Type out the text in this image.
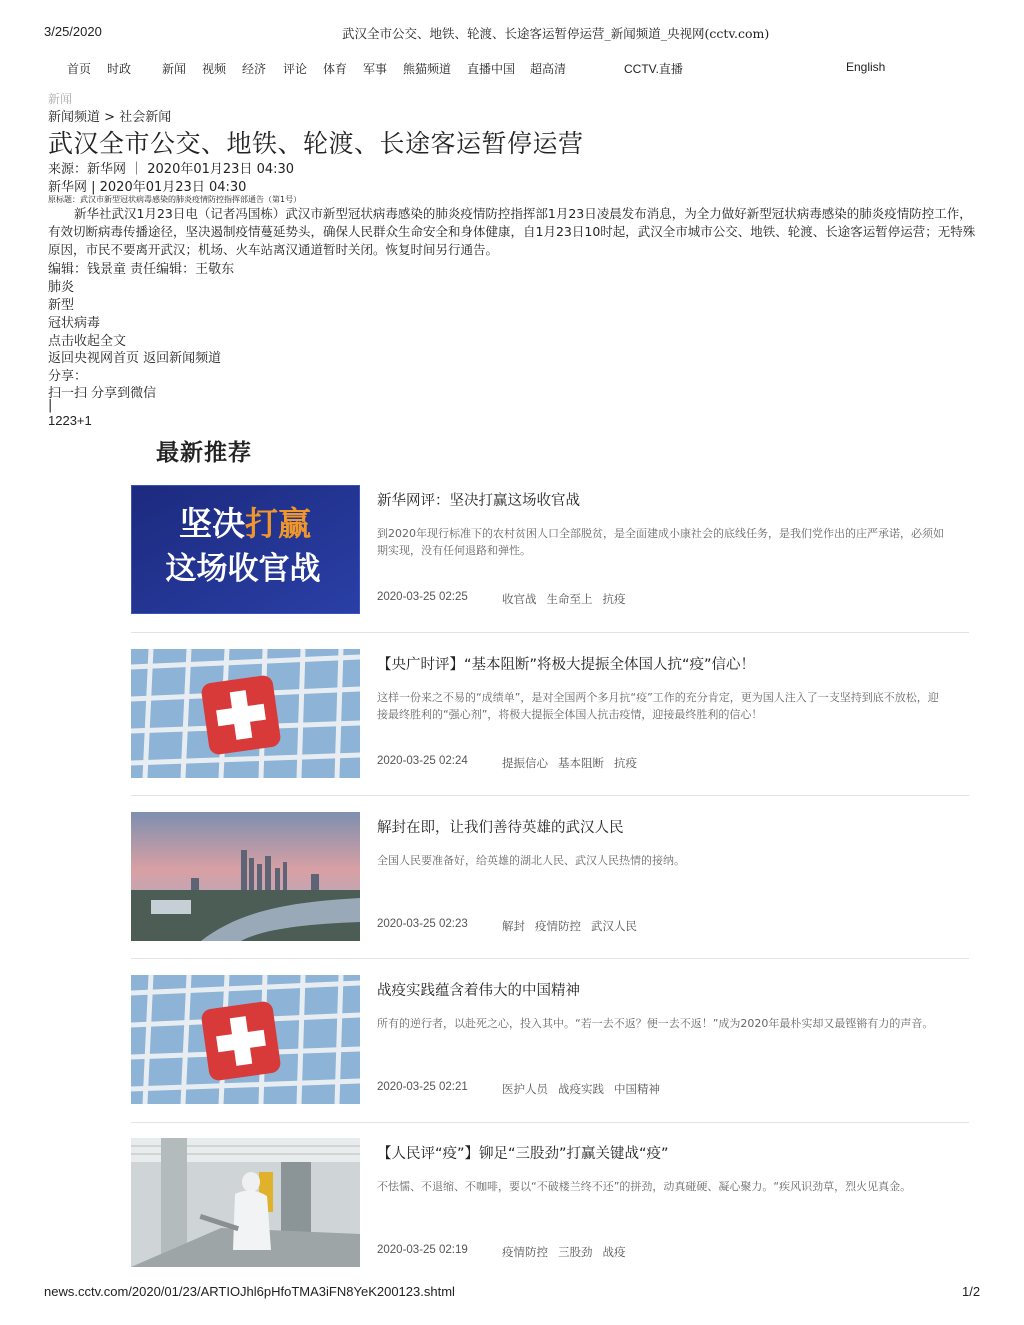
3/25/2020	武汉全市公交、地铁、轮渡、长途客运暂停运营_新闻频道_央视网(cctv.com)
首页 时政	新闻 视频 经济 评论 体育 军事 熊猫频道 直播中国 超高清	CCTV.直播	English
新闻
新闻频道 > 社会新闻
武汉全市公交、地铁、轮渡、长途客运暂停运营
来源：新华网 ｜ 2020年01月23日 04:30
新华网 | 2020年01月23日 04:30
原标题：武汉市新型冠状病毒感染的肺炎疫情防控指挥部通告（第1号）

新华社武汉1月23日电（记者冯国栋）武汉市新型冠状病毒感染的肺炎疫情防控指挥部1月23日凌晨发布消息，为全力做好新型冠状病毒感染的肺炎疫情防控工作，有效切断病毒传播途径，坚决遏制疫情蔓延势头，确保人民群众生命安全和身体健康，自1月23日10时起，武汉全市城市公交、地铁、轮渡、长途客运暂停运营；无特殊原因，市民不要离开武汉；机场、火车站离汉通道暂时关闭。恢复时间另行通告。

编辑：钱景童 责任编辑：王敬东
肺炎
新型
冠状病毒
点击收起全文
返回央视网首页 返回新闻频道
分享：
扫一扫 分享到微信
|
1223+1
最新推荐
坚决打赢
这场收官战
新华网评：坚决打赢这场收官战
到2020年现行标准下的农村贫困人口全部脱贫，是全面建成小康社会的底线任务，是我们党作出的庄严承诺，必须如期实现，没有任何退路和弹性。
2020-03-25 02:25	收官战 生命至上 抗疫
【央广时评】“基本阻断”将极大提振全体国人抗“疫”信心！
这样一份来之不易的“成绩单”，是对全国两个多月抗“疫”工作的充分肯定，更为国人注入了一支坚持到底不放松，迎接最终胜利的“强心剂”，将极大提振全体国人抗击疫情，迎接最终胜利的信心！
2020-03-25 02:24	提振信心 基本阻断 抗疫
解封在即，让我们善待英雄的武汉人民
全国人民要准备好，给英雄的湖北人民、武汉人民热情的接纳。
2020-03-25 02:23	解封 疫情防控 武汉人民
战疫实践蕴含着伟大的中国精神
所有的逆行者，以赴死之心，投入其中。“若一去不返？便一去不返！”成为2020年最朴实却又最铿锵有力的声音。
2020-03-25 02:21	医护人员 战疫实践 中国精神
【人民评“疫”】铆足“三股劲”打赢关键战“疫”
不怯懦、不退缩、不咖啡，要以“不破楼兰终不还”的拼劲，动真碰硬、凝心聚力。“疾风识劲草，烈火见真金。
2020-03-25 02:19	疫情防控 三股劲 战疫
news.cctv.com/2020/01/23/ARTIOJhl6pHfoTMA3iFN8YeK200123.shtml	1/2
